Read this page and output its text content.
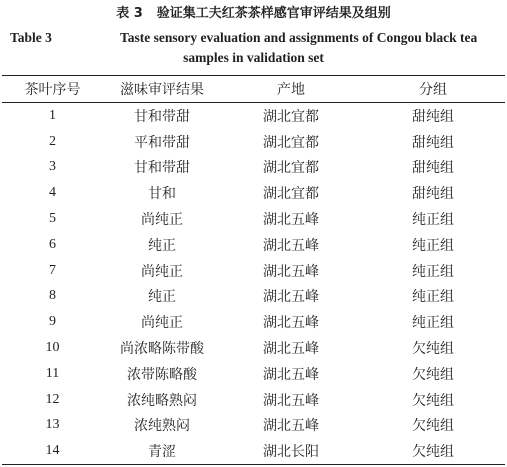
表 3 验证集工夫红茶茶样感官审评结果及组别
Table 3	Taste sensory evaluation and assignments of Congou black tea
samples in validation set
茶叶序号	滋味审评结果	产地	分组
1	甘和带甜	湖北宜都	甜纯组
2	平和带甜	湖北宜都	甜纯组
3	甘和带甜	湖北宜都	甜纯组
4	甘和	湖北宜都	甜纯组
5	尚纯正	湖北五峰	纯正组
6	纯正	湖北五峰	纯正组
7	尚纯正	湖北五峰	纯正组
8	纯正	湖北五峰	纯正组
9	尚纯正	湖北五峰	纯正组
10	尚浓略陈带酸	湖北五峰	欠纯组
11	浓带陈略酸	湖北五峰	欠纯组
12	浓纯略熟闷	湖北五峰	欠纯组
13	浓纯熟闷	湖北五峰	欠纯组
14	青涩	湖北长阳	欠纯组
